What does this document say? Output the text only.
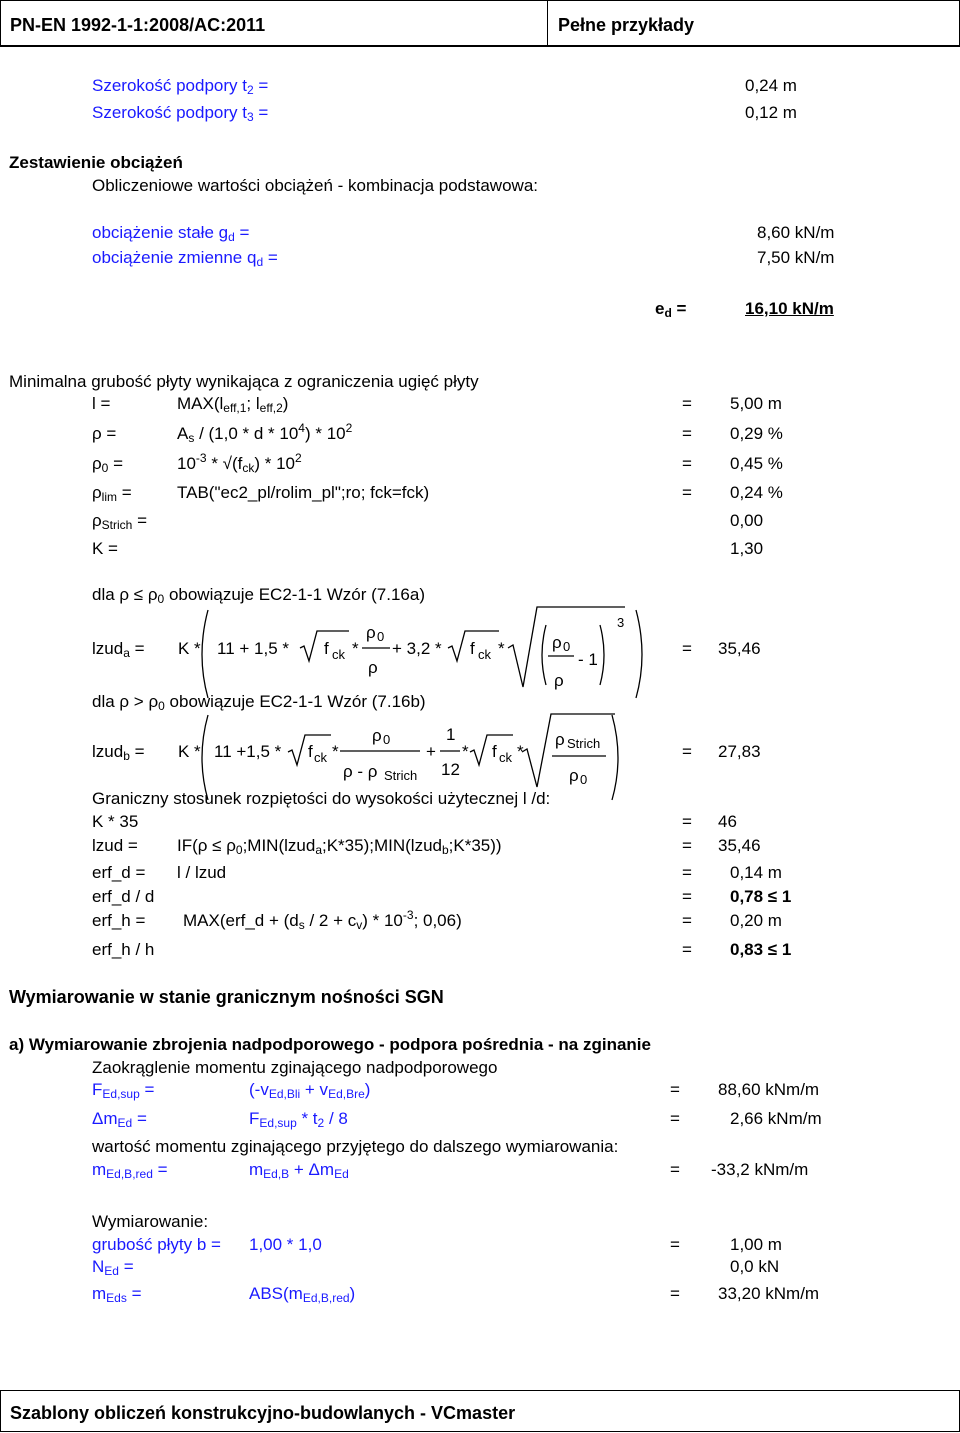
PN-EN 1992-1-1:2008/AC:2011	Pełne przykłady
Szerokość podpory $t_2$ =	0,24 m
Szerokość podpory $t_3$ =	0,12 m
Zestawienie obciążeń
Obliczeniowe wartości obciążeń - kombinacja podstawowa:
obciążenie stałe $g_d$ =	8,60 kN/m
obciążenie zmienne $q_d$ =	7,50 kN/m
$e_d$ =	16,10 kN/m
Minimalna grubość płyty wynikająca z ograniczenia ugięć płyty
l =	$MAX(l_{eff,1}$; $l_{eff,2}$)	= 5,00 m
ρ =	$A_s / (1,0$ * d * $10^4) * 10^2$	= 0,29 %
$\rho_0$ =	$10^{-3} * √(f_{ck}) * 10^2$	= 0,45 %
$\rho_{lim}$ =	TAB("ec2_pl/rolim_pl";ro; fck=fck)	= 0,24 %
$\rho_{Strich}$ =	0,00
K =	1,30
dla $\rho \le \rho_0$ obowiązuje EC2-1-1 Wzór (7.16a)
lzud$_a$ =	= 35,46
dla $\rho > \rho_0$ obowiązuje EC2-1-1 Wzór (7.16b)
lzud$_b$ =	= 27,83
K * 11 + 1,5 * f ck *
ρ 0
ρ
+ 3,2 * f ck *	ρ 0
ρ
- 1
3
K * 11 +1,5 * f ck *
ρ 0
ρ - ρ Strich
+
1
12
* f ck *
ρ Strich
ρ 0
Graniczny stosunek rozpiętości do wysokości użytecznej l /d:
K * 35	= 46
lzud = $IF(\rho \le \rho_0;MIN(lzud_a;K*35);MIN(lzud_b;K*35))$	= 35,46
erf_d = l / lzud	= 0,14 m
erf_d / d	= 0,78 ≤ 1
erf_h = MAX(erf_d + $(d_s / 2 + c_v) * 10^{-3}$; 0,06)	= 0,20 m
erf_h / h	= 0,83 ≤ 1
Wymiarowanie w stanie granicznym nośności SGN
a) Wymiarowanie zbrojenia nadpodporowego - podpora pośrednia - na zginanie
Zaokrąglenie momentu zginającego nadpodporowego
$F_{Ed,sup}$ =	$(-v_{Ed,Bli} + v_{Ed,Bre})$	= 88,60 kNm/m
$\Delta m_{Ed}$ =	$F_{Ed,sup} * t_2 / 8$	=	2,66 kNm/m
wartość momentu zginającego przyjętego do dalszego wymiarowania:
$m_{Ed,B,red}$ =	$m_{Ed,B} + \Delta m_{Ed}$	= -33,2 kNm/m
Wymiarowanie:
grubość płyty b = 1,00 * 1,0	=	1,00 m
$N_{Ed}$ =	0,0 kN
$m_{Eds}$ =	$ABS(m_{Ed,B,red})$	= 33,20 kNm/m
Szablony obliczeń konstrukcyjno-budowlanych - VCmaster
